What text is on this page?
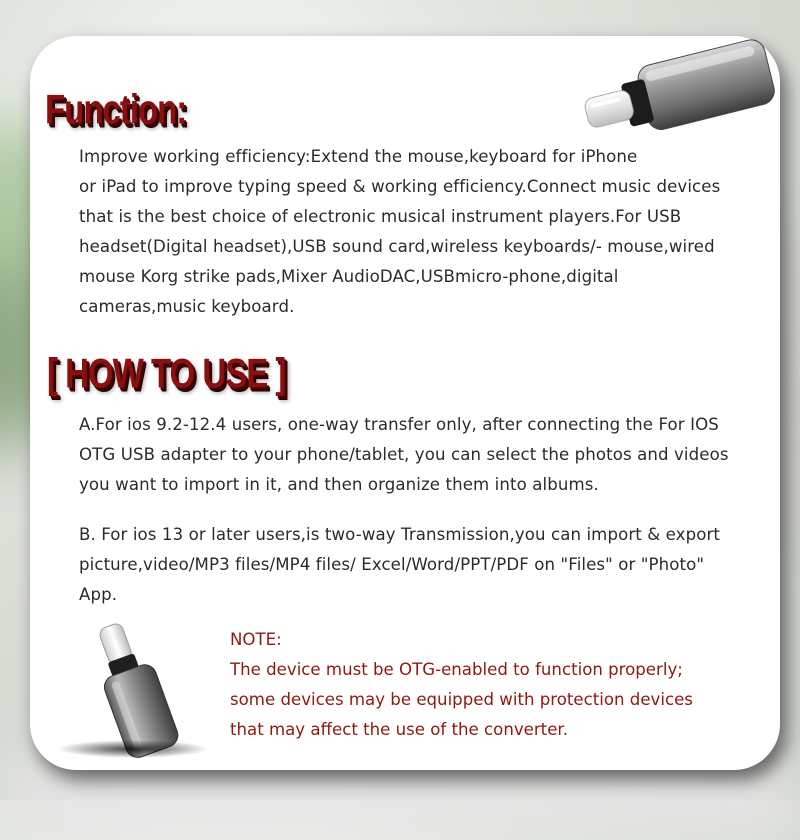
Function:

Improve working efficiency:Extend the mouse,keyboard for iPhone
or iPad to improve typing speed & working efficiency.Connect music devices
that is the best choice of electronic musical instrument players.For USB
headset(Digital headset),USB sound card,wireless keyboards/- mouse,wired
mouse Korg strike pads,Mixer AudioDAC,USBmicro-phone,digital
cameras,music keyboard.

[ HOW TO USE ]

A.For ios 9.2-12.4 users, one-way transfer only, after connecting the For IOS
OTG USB adapter to your phone/tablet, you can select the photos and videos
you want to import in it, and then organize them into albums.

B. For ios 13 or later users,is two-way Transmission,you can import & export
picture,video/MP3 files/MP4 files/ Excel/Word/PPT/PDF on "Files" or "Photo"
App.

NOTE:

The device must be OTG-enabled to function properly;
some devices may be equipped with protection devices
that may affect the use of the converter.
